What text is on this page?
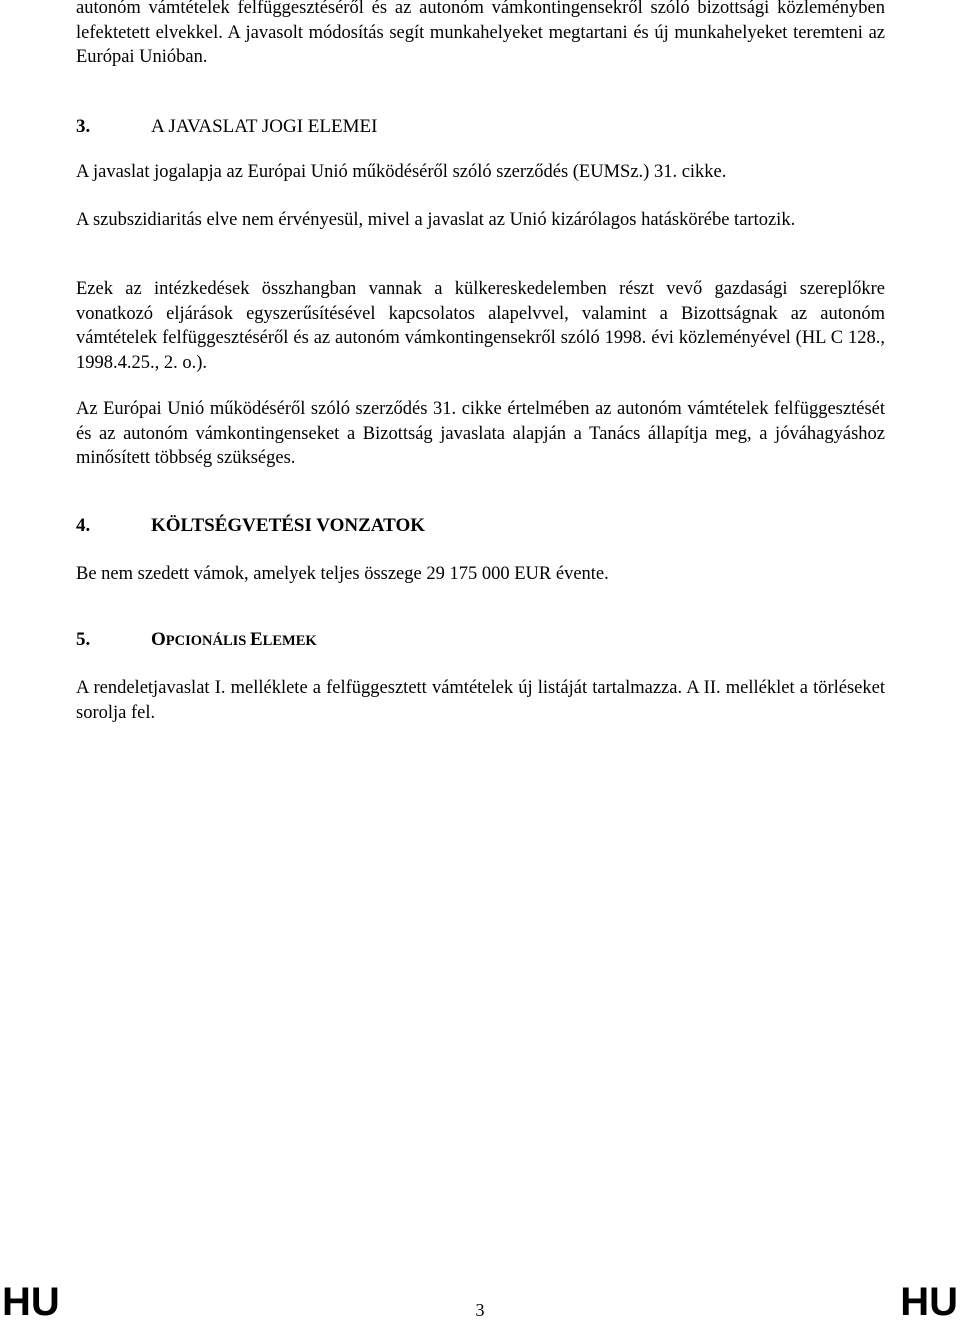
autonóm vámtételek felfüggesztéséről és az autonóm vámkontingensekről szóló bizottsági közleményben lefektetett elvekkel. A javasolt módosítás segít munkahelyeket megtartani és új munkahelyeket teremteni az Európai Unióban.

3.	A JAVASLAT JOGI ELEMEI

A javaslat jogalapja az Európai Unió működéséről szóló szerződés (EUMSz.) 31. cikke.

A szubszidiaritás elve nem érvényesül, mivel a javaslat az Unió kizárólagos hatáskörébe tartozik.

Ezek az intézkedések összhangban vannak a külkereskedelemben részt vevő gazdasági szereplőkre vonatkozó eljárások egyszerűsítésével kapcsolatos alapelvvel, valamint a Bizottságnak az autonóm vámtételek felfüggesztéséről és az autonóm vámkontingensekről szóló 1998. évi közleményével (HL C 128., 1998.4.25., 2. o.).

Az Európai Unió működéséről szóló szerződés 31. cikke értelmében az autonóm vámtételek felfüggesztését és az autonóm vámkontingenseket a Bizottság javaslata alapján a Tanács állapítja meg, a jóváhagyáshoz minősített többség szükséges.

4.	KÖLTSÉGVETÉSI VONZATOK

Be nem szedett vámok, amelyek teljes összege 29 175 000 EUR évente.

5.	OPCIONÁLIS ELEMEK

A rendeletjavaslat I. melléklete a felfüggesztett vámtételek új listáját tartalmazza. A II. melléklet a törléseket sorolja fel.

HU	3	HU
